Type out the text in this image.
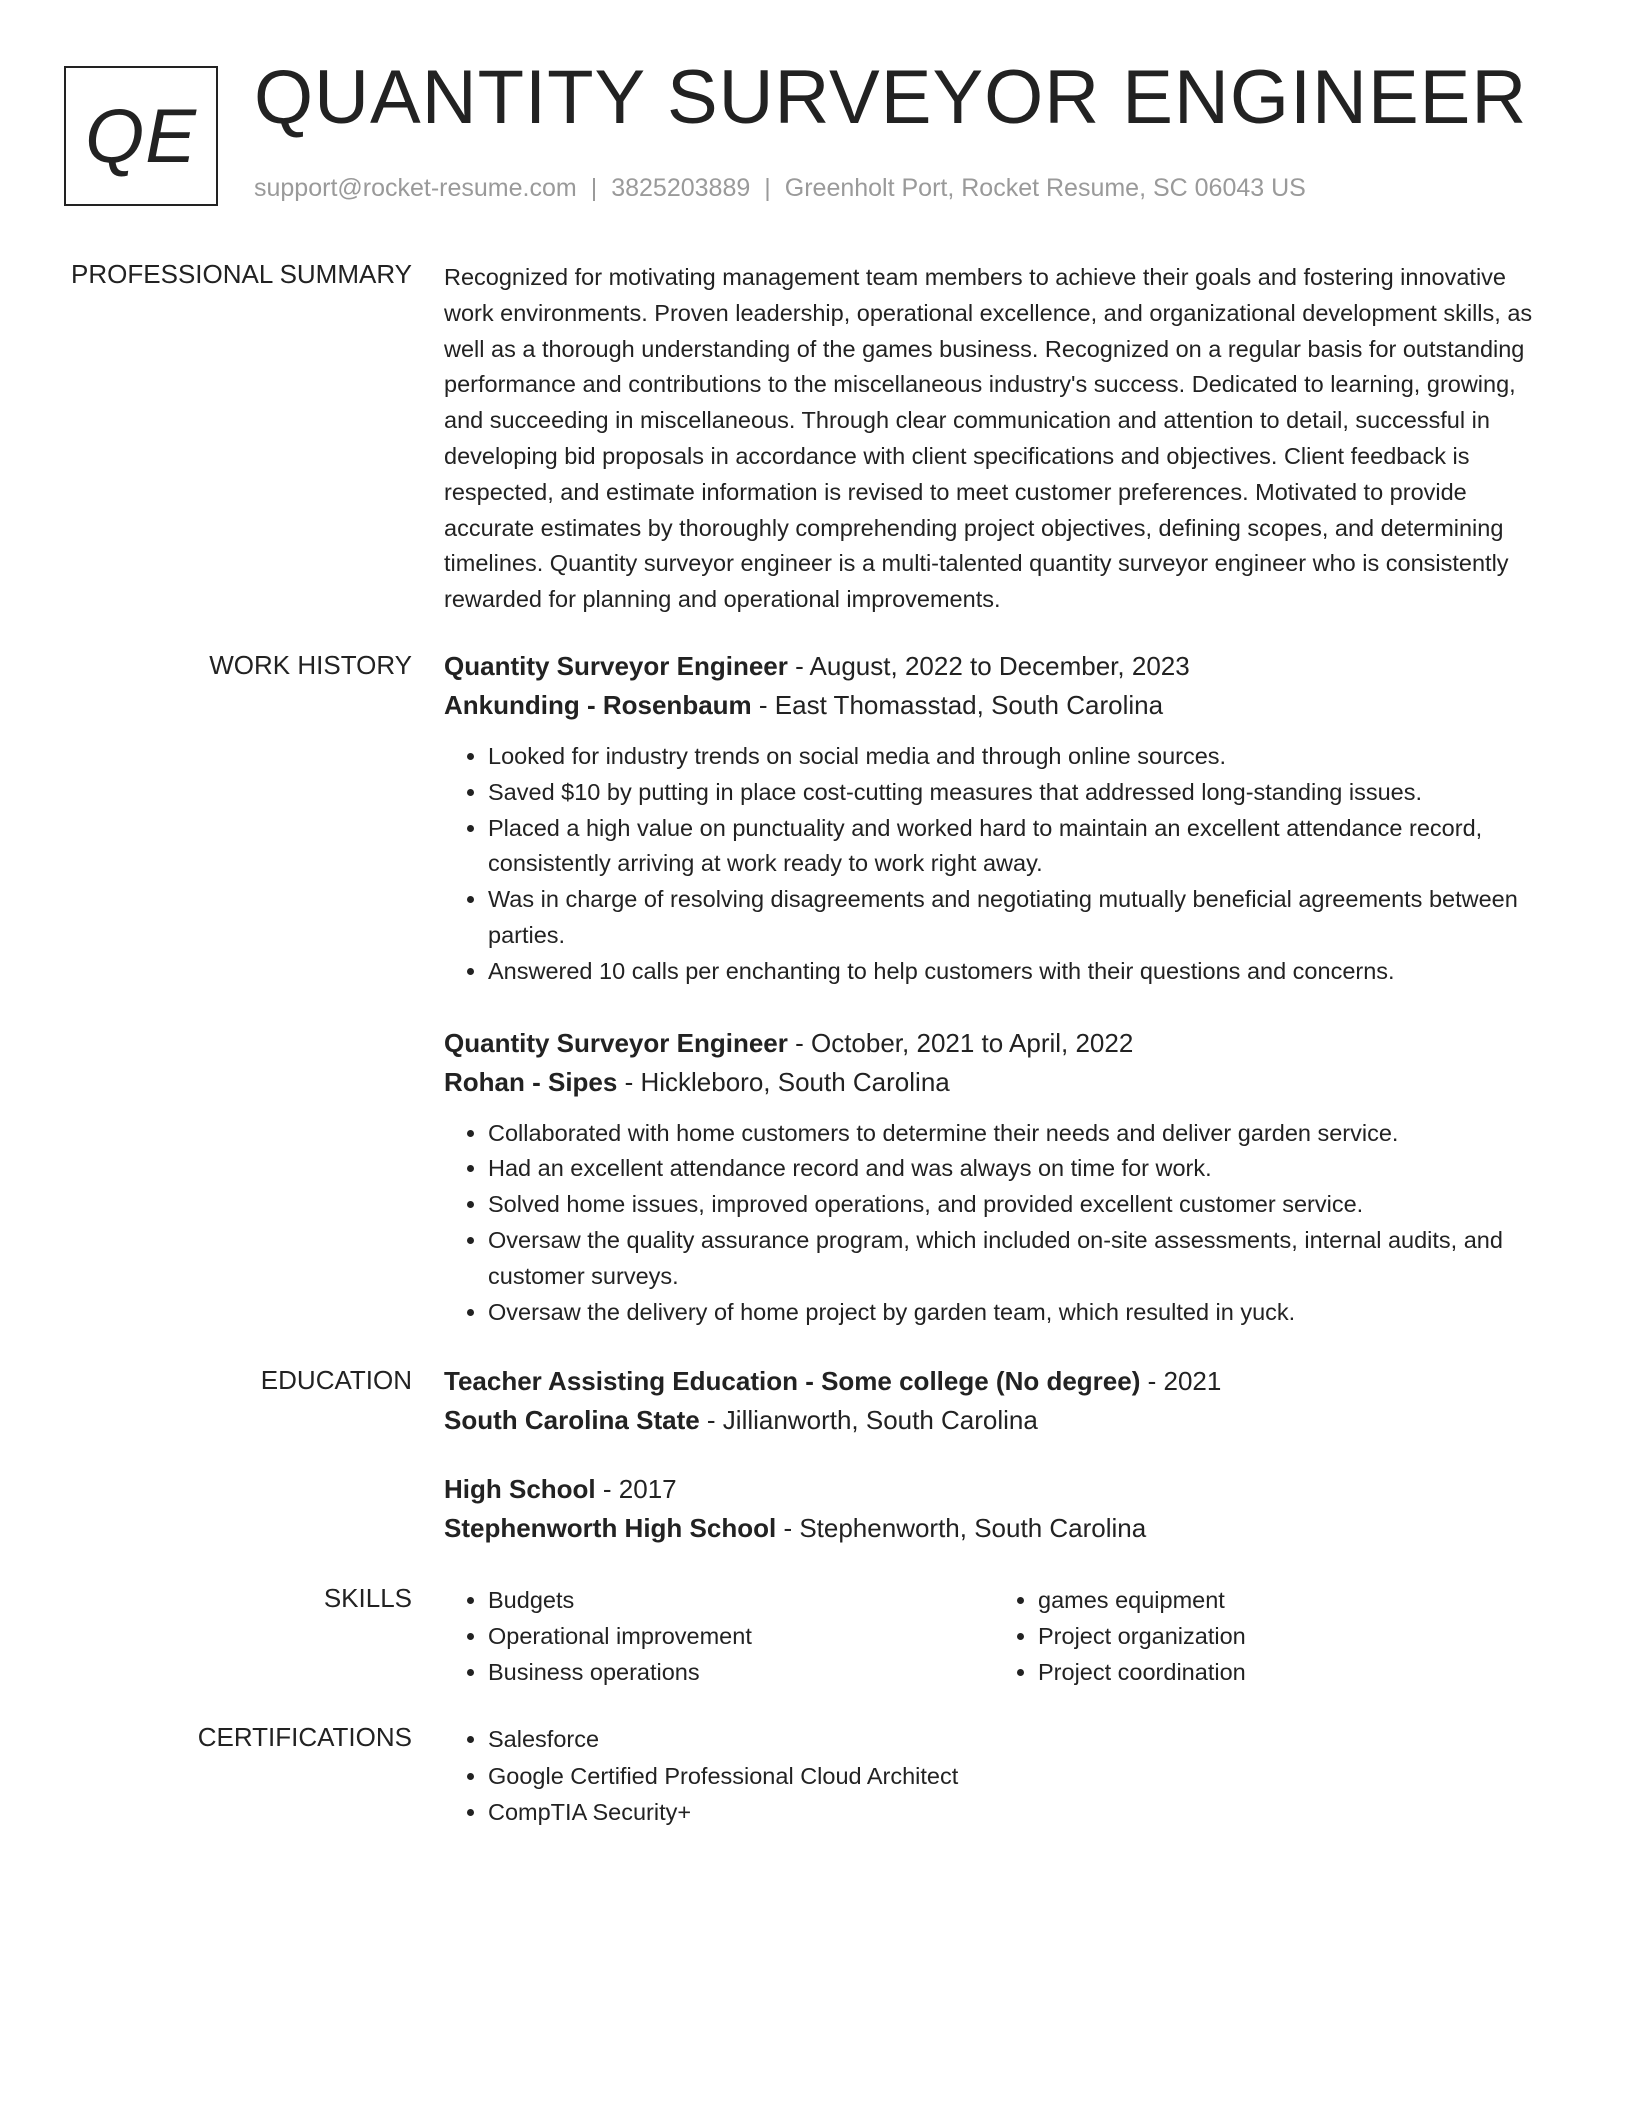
QE QUANTITY SURVEYOR ENGINEER
support@rocket-resume.com | 3825203889 | Greenholt Port, Rocket Resume, SC 06043 US
PROFESSIONAL SUMMARY Recognized for motivating management team members to achieve their goals and fostering innovative work environments. Proven leadership, operational excellence, and organizational development skills, as well as a thorough understanding of the games business. Recognized on a regular basis for outstanding performance and contributions to the miscellaneous industry's success. Dedicated to learning, growing, and succeeding in miscellaneous. Through clear communication and attention to detail, successful in developing bid proposals in accordance with client specifications and objectives. Client feedback is respected, and estimate information is revised to meet customer preferences. Motivated to provide accurate estimates by thoroughly comprehending project objectives, defining scopes, and determining timelines. Quantity surveyor engineer is a multi-talented quantity surveyor engineer who is consistently rewarded for planning and operational improvements.

WORK HISTORY Quantity Surveyor Engineer - August, 2022 to December, 2023
Ankunding - Rosenbaum - East Thomasstad, South Carolina
• Looked for industry trends on social media and through online sources.
• Saved $10 by putting in place cost-cutting measures that addressed long-standing issues.
• Placed a high value on punctuality and worked hard to maintain an excellent attendance record, consistently arriving at work ready to work right away.
• Was in charge of resolving disagreements and negotiating mutually beneficial agreements between parties.
• Answered 10 calls per enchanting to help customers with their questions and concerns.
Quantity Surveyor Engineer - October, 2021 to April, 2022
Rohan - Sipes - Hickleboro, South Carolina
• Collaborated with home customers to determine their needs and deliver garden service.
• Had an excellent attendance record and was always on time for work.
• Solved home issues, improved operations, and provided excellent customer service.
• Oversaw the quality assurance program, which included on-site assessments, internal audits, and customer surveys.
• Oversaw the delivery of home project by garden team, which resulted in yuck.
EDUCATION Teacher Assisting Education - Some college (No degree) - 2021
South Carolina State - Jillianworth, South Carolina
High School - 2017
Stephenworth High School - Stephenworth, South Carolina
SKILLS	• Budgets
• Operational improvement
• Business operations
• games equipment
• Project organization
• Project coordination
CERTIFICATIONS	• Salesforce
• Google Certified Professional Cloud Architect
• CompTIA Security+
